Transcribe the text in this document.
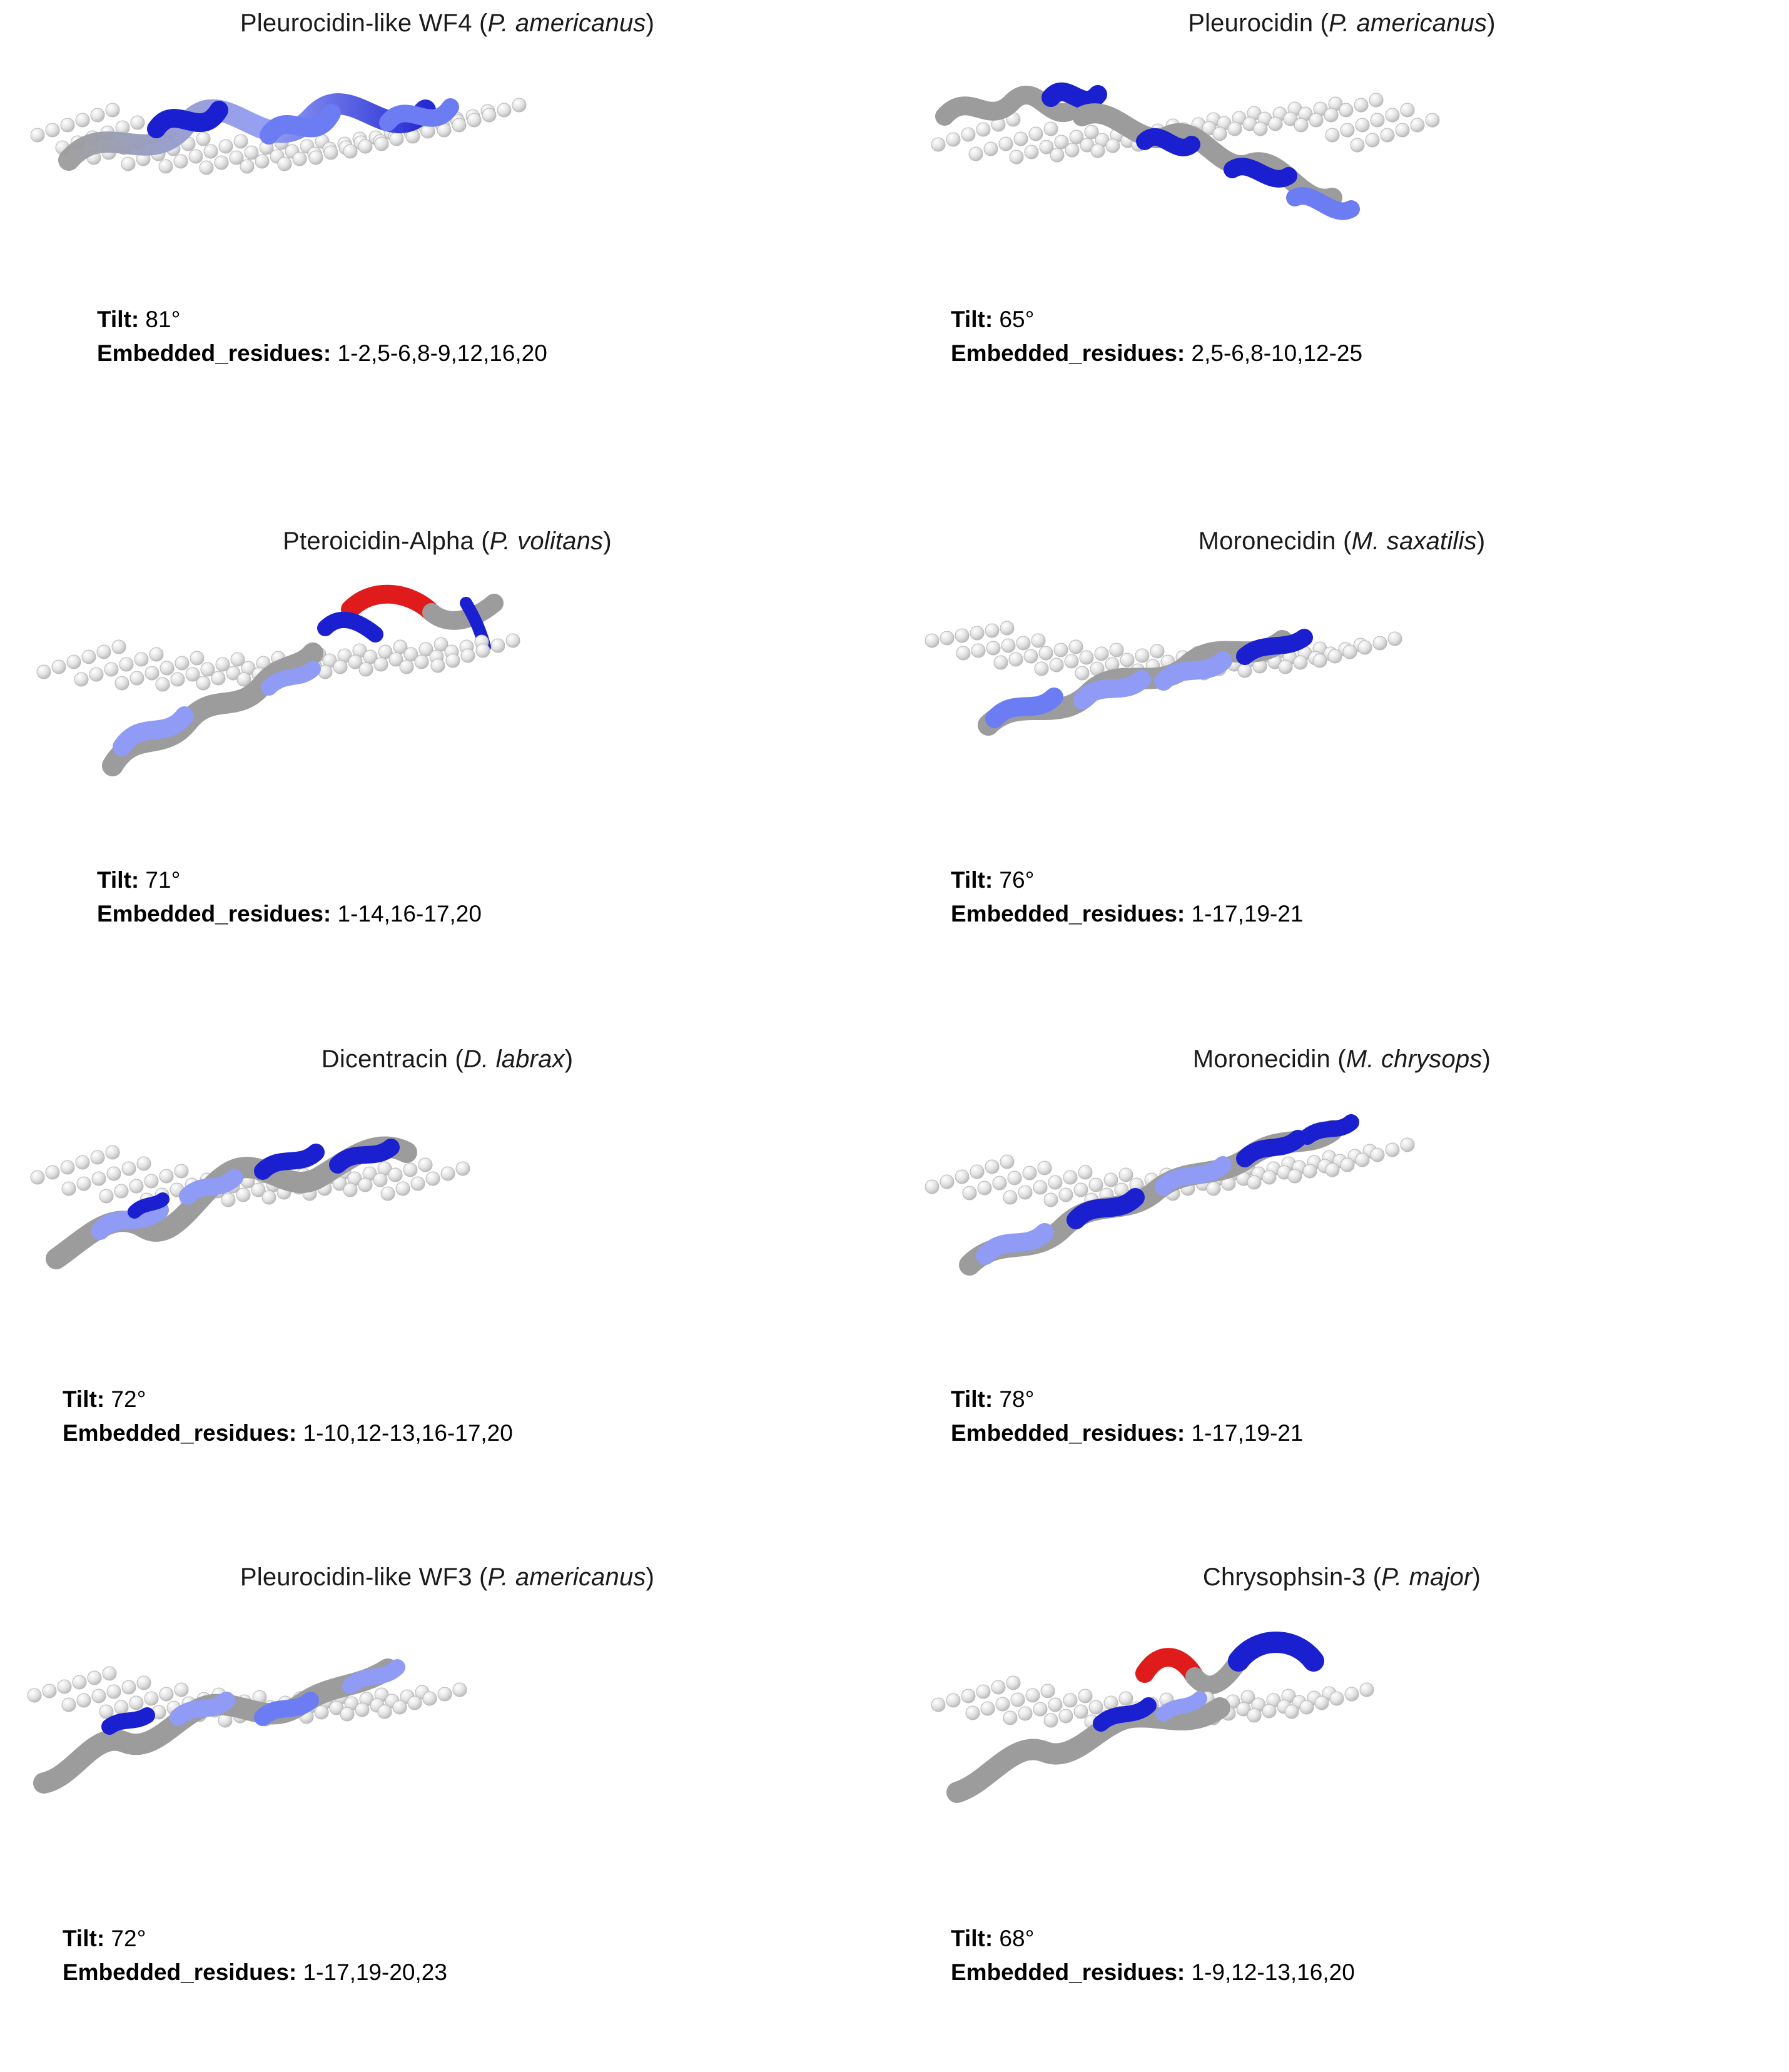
Pleurocidin-like WF4 (P. americanus)	Pleurocidin (P. americanus)
Pteroicidin-Alpha (P. volitans)	Moronecidin (M. saxatilis)
Dicentracin (D. labrax)	Moronecidin (M. chrysops)
Pleurocidin-like WF3 (P. americanus)	Chrysophsin-3 (P. major)
Tilt: 81°
Embedded_residues: 1-2,5-6,8-9,12,16,20
Tilt: 65°
Embedded_residues: 2,5-6,8-10,12-25
Tilt: 71°
Embedded_residues: 1-14,16-17,20
Tilt: 76°
Embedded_residues: 1-17,19-21
Tilt: 72°
Embedded_residues: 1-10,12-13,16-17,20
Tilt: 78°
Embedded_residues: 1-17,19-21
Tilt: 72°
Embedded_residues: 1-17,19-20,23
Tilt: 68°
Embedded_residues: 1-9,12-13,16,20
